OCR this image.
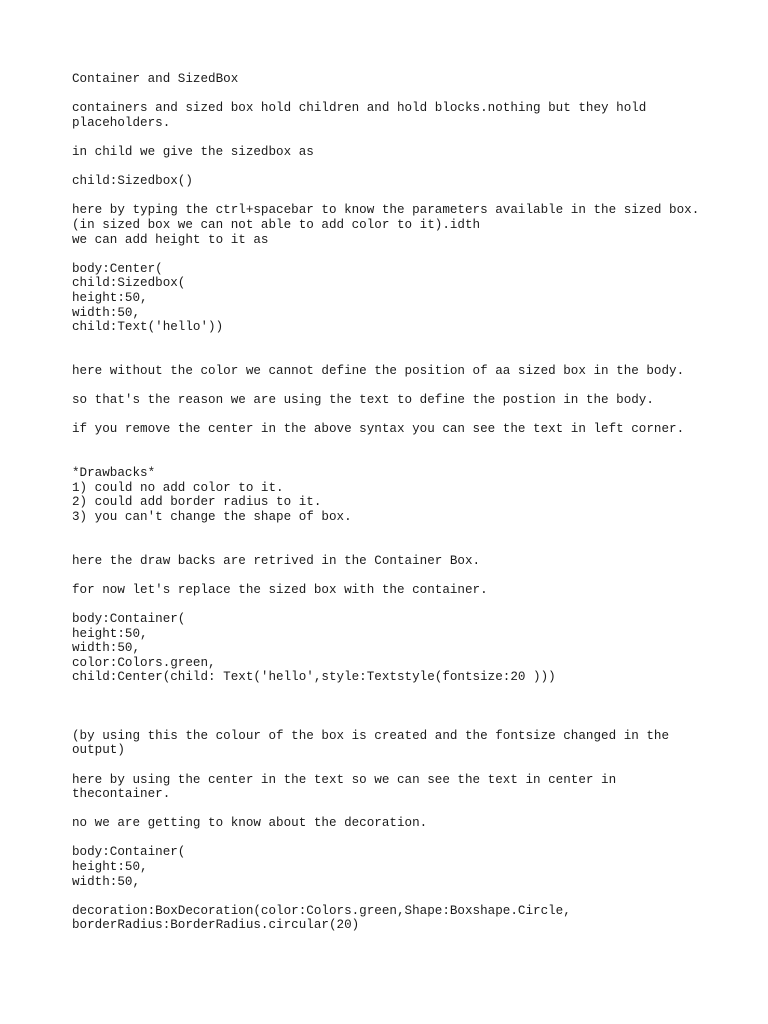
Container and SizedBox
containers and sized box hold children and hold blocks.nothing but they hold
placeholders.
in child we give the sizedbox as
child:Sizedbox()
here by typing the ctrl+spacebar to know the parameters available in the sized box.
(in sized box we can not able to add color to it).idth
we can add height to it as
body:Center(
child:Sizedbox(
height:50,
width:50,
child:Text('hello'))
here without the color we cannot define the position of aa sized box in the body.
so that's the reason we are using the text to define the postion in the body.
if you remove the center in the above syntax you can see the text in left corner.
*Drawbacks*
1) could no add color to it.
2) could add border radius to it.
3) you can't change the shape of box.
here the draw backs are retrived in the Container Box.
for now let's replace the sized box with the container.
body:Container(
height:50,
width:50,
color:Colors.green,
child:Center(child: Text('hello',style:Textstyle(fontsize:20 )))
(by using this the colour of the box is created and the fontsize changed in the
output)
here by using the center in the text so we can see the text in center in
thecontainer.
no we are getting to know about the decoration.
body:Container(
height:50,
width:50,
decoration:BoxDecoration(color:Colors.green,Shape:Boxshape.Circle,
borderRadius:BorderRadius.circular(20)
